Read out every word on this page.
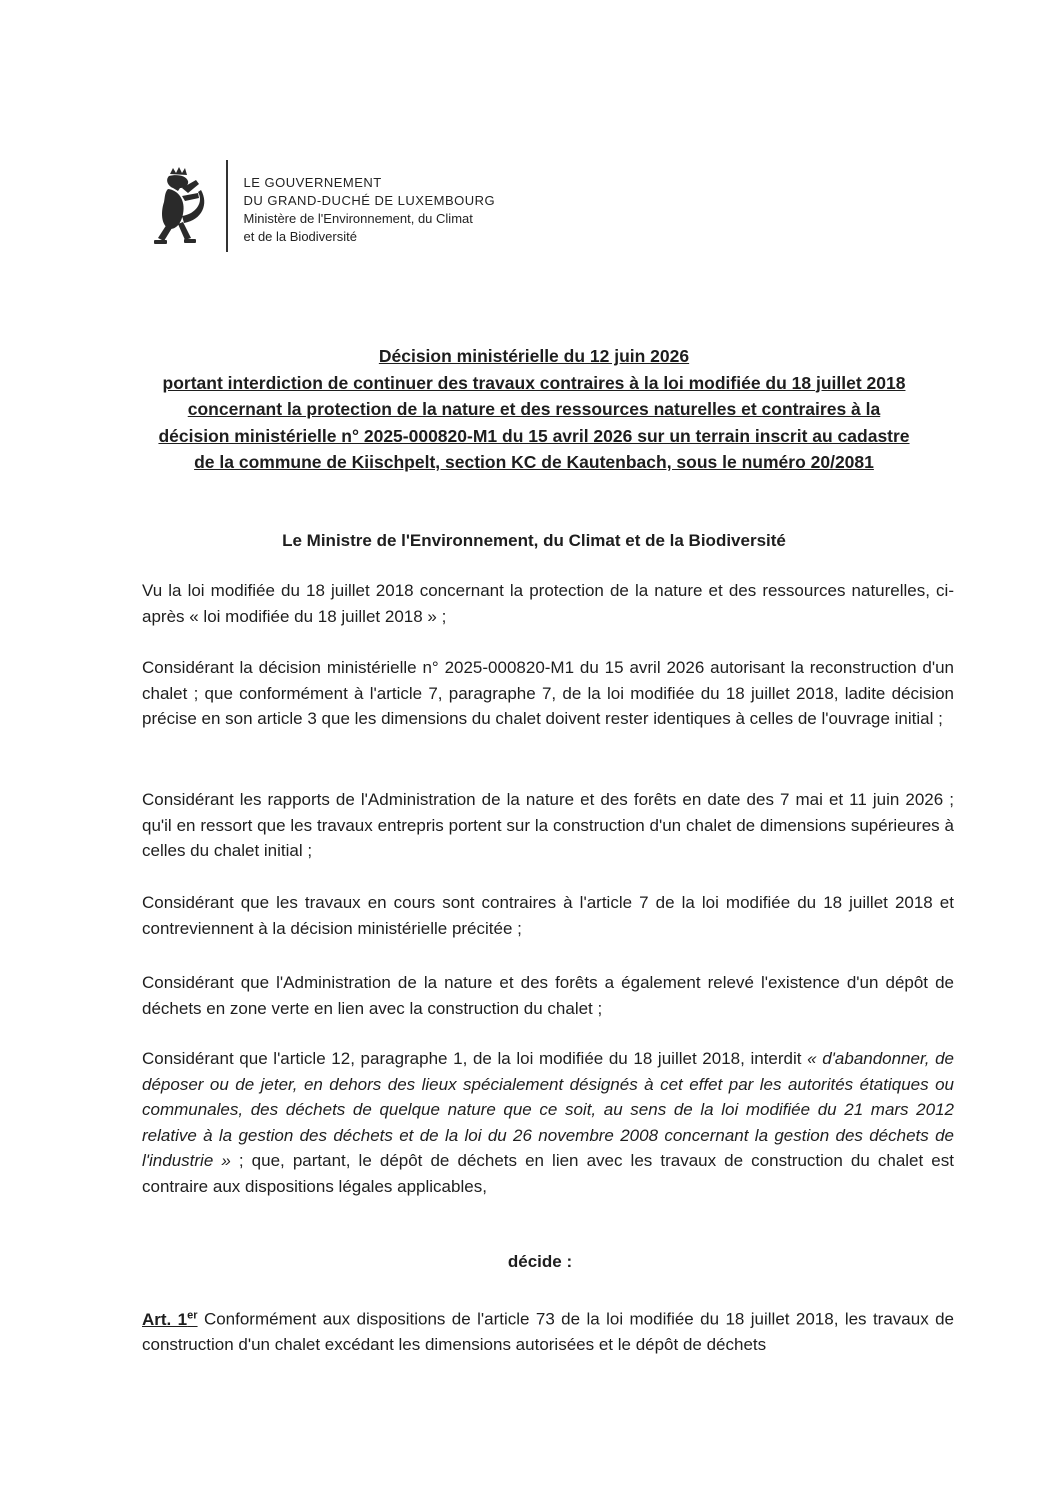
LE GOUVERNEMENT
DU GRAND-DUCHÉ DE LUXEMBOURG
Ministère de l'Environnement, du Climat
et de la Biodiversité
Décision ministérielle du 12 juin 2026
portant interdiction de continuer des travaux contraires à la loi modifiée du 18 juillet 2018
concernant la protection de la nature et des ressources naturelles et contraires à la
décision ministérielle n° 2025-000820-M1 du 15 avril 2026 sur un terrain inscrit au cadastre
de la commune de Kiischpelt, section KC de Kautenbach, sous le numéro 20/2081
Le Ministre de l'Environnement, du Climat et de la Biodiversité
Vu la loi modifiée du 18 juillet 2018 concernant la protection de la nature et des ressources naturelles, ci-après « loi modifiée du 18 juillet 2018 » ;
Considérant la décision ministérielle n° 2025-000820-M1 du 15 avril 2026 autorisant la reconstruction d'un chalet ; que conformément à l'article 7, paragraphe 7, de la loi modifiée du 18 juillet 2018, ladite décision précise en son article 3 que les dimensions du chalet doivent rester identiques à celles de l'ouvrage initial ;
Considérant les rapports de l'Administration de la nature et des forêts en date des 7 mai et 11 juin 2026 ; qu'il en ressort que les travaux entrepris portent sur la construction d'un chalet de dimensions supérieures à celles du chalet initial ;
Considérant que les travaux en cours sont contraires à l'article 7 de la loi modifiée du 18 juillet 2018 et contreviennent à la décision ministérielle précitée ;
Considérant que l'Administration de la nature et des forêts a également relevé l'existence d'un dépôt de déchets en zone verte en lien avec la construction du chalet ;
Considérant que l'article 12, paragraphe 1, de la loi modifiée du 18 juillet 2018, interdit « d'abandonner, de déposer ou de jeter, en dehors des lieux spécialement désignés à cet effet par les autorités étatiques ou communales, des déchets de quelque nature que ce soit, au sens de la loi modifiée du 21 mars 2012 relative à la gestion des déchets et de la loi du 26 novembre 2008 concernant la gestion des déchets de l'industrie » ; que, partant, le dépôt de déchets en lien avec les travaux de construction du chalet est contraire aux dispositions légales applicables,
décide :
Art. 1er Conformément aux dispositions de l'article 73 de la loi modifiée du 18 juillet 2018, les travaux de construction d'un chalet excédant les dimensions autorisées et le dépôt de déchets
